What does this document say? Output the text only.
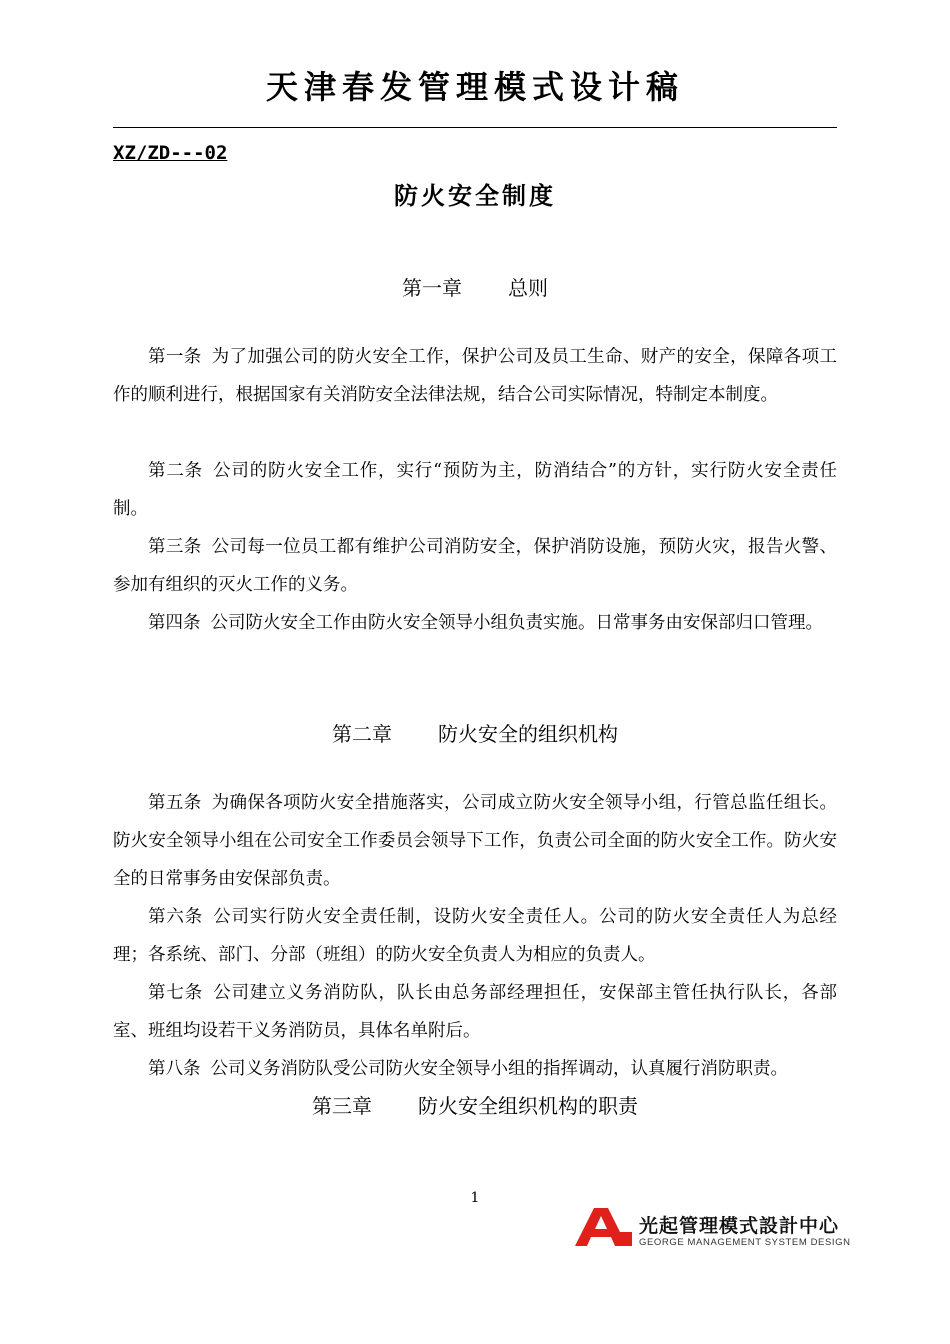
天津春发管理模式设计稿
XZ/ZD---02
防火安全制度
第一章 总则
第一条 为了加强公司的防火安全工作，保护公司及员工生命、财产的安全，保障各项工作的顺利进行，根据国家有关消防安全法律法规，结合公司实际情况，特制定本制度。
第二条 公司的防火安全工作，实行“预防为主，防消结合”的方针，实行防火安全责任制。
第三条 公司每一位员工都有维护公司消防安全，保护消防设施，预防火灾，报告火警、参加有组织的灭火工作的义务。
第四条 公司防火安全工作由防火安全领导小组负责实施。日常事务由安保部归口管理。
第二章 防火安全的组织机构
第五条 为确保各项防火安全措施落实，公司成立防火安全领导小组，行管总监任组长。防火安全领导小组在公司安全工作委员会领导下工作，负责公司全面的防火安全工作。防火安全的日常事务由安保部负责。
第六条 公司实行防火安全责任制，设防火安全责任人。公司的防火安全责任人为总经理；各系统、部门、分部（班组）的防火安全负责人为相应的负责人。
第七条 公司建立义务消防队，队长由总务部经理担任，安保部主管任执行队长，各部室、班组均设若干义务消防员，具体名单附后。
第八条 公司义务消防队受公司防火安全领导小组的指挥调动，认真履行消防职责。
第三章 防火安全组织机构的职责
1
光起管理模式設計中心
GEORGE MANAGEMENT SYSTEM DESIGN
